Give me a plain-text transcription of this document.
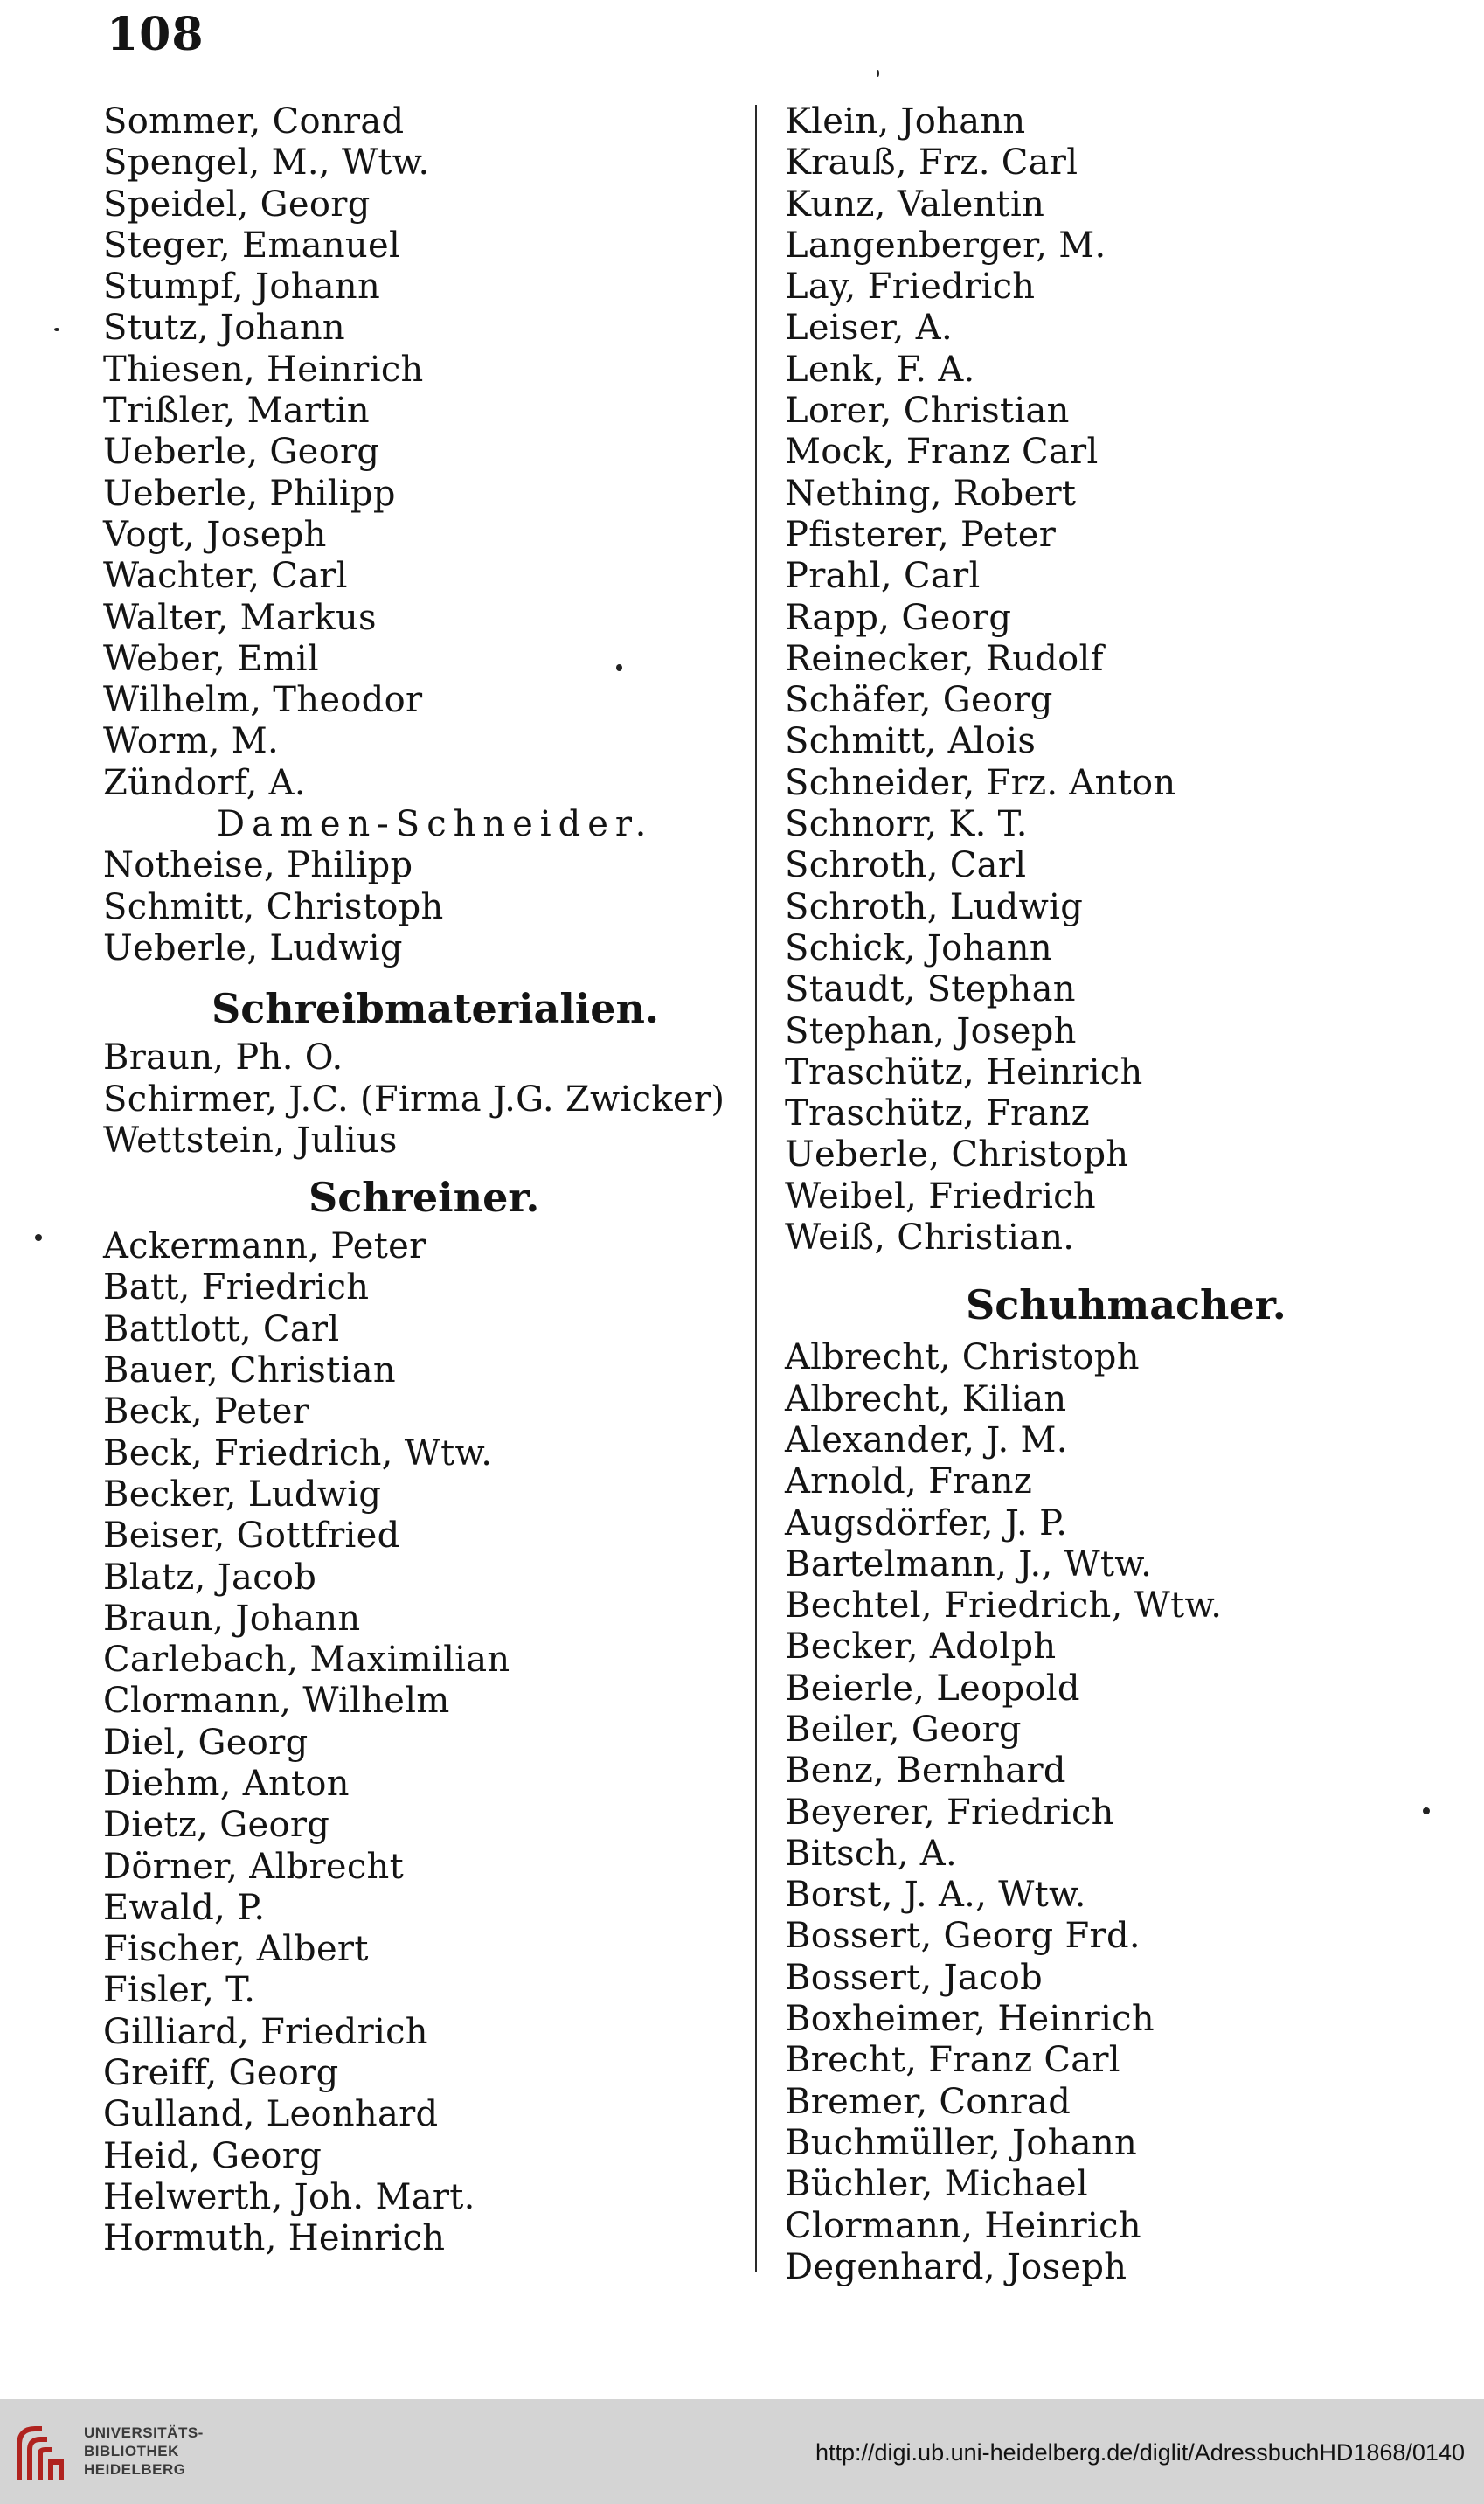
108
Sommer, Conrad
Spengel, M., Wtw.
Speidel, Georg
Steger, Emanuel
Stumpf, Johann
Stutz, Johann
Thiesen, Heinrich
Trißler, Martin
Ueberle, Georg
Ueberle, Philipp
Vogt, Joseph
Wachter, Carl
Walter, Markus
Weber, Emil
Wilhelm, Theodor
Worm, M.
Zündorf, A.
Damen-Schneider.
Notheise, Philipp
Schmitt, Christoph
Ueberle, Ludwig
Schreibmaterialien.
Braun, Ph. O.
Schirmer, J.C. (Firma J.G. Zwicker)
Wettstein, Julius
Schreiner.
Ackermann, Peter
Batt, Friedrich
Battlott, Carl
Bauer, Christian
Beck, Peter
Beck, Friedrich, Wtw.
Becker, Ludwig
Beiser, Gottfried
Blatz, Jacob
Braun, Johann
Carlebach, Maximilian
Clormann, Wilhelm
Diel, Georg
Diehm, Anton
Dietz, Georg
Dörner, Albrecht
Ewald, P.
Fischer, Albert
Fisler, T.
Gilliard, Friedrich
Greiff, Georg
Gulland, Leonhard
Heid, Georg
Helwerth, Joh. Mart.
Hormuth, Heinrich
Klein, Johann
Krauß, Frz. Carl
Kunz, Valentin
Langenberger, M.
Lay, Friedrich
Leiser, A.
Lenk, F. A.
Lorer, Christian
Mock, Franz Carl
Nething, Robert
Pfisterer, Peter
Prahl, Carl
Rapp, Georg
Reinecker, Rudolf
Schäfer, Georg
Schmitt, Alois
Schneider, Frz. Anton
Schnorr, K. T.
Schroth, Carl
Schroth, Ludwig
Schick, Johann
Staudt, Stephan
Stephan, Joseph
Traschütz, Heinrich
Traschütz, Franz
Ueberle, Christoph
Weibel, Friedrich
Weiß, Christian.
Schuhmacher.
Albrecht, Christoph
Albrecht, Kilian
Alexander, J. M.
Arnold, Franz
Augsdörfer, J. P.
Bartelmann, J., Wtw.
Bechtel, Friedrich, Wtw.
Becker, Adolph
Beierle, Leopold
Beiler, Georg
Benz, Bernhard
Beyerer, Friedrich
Bitsch, A.
Borst, J. A., Wtw.
Bossert, Georg Frd.
Bossert, Jacob
Boxheimer, Heinrich
Brecht, Franz Carl
Bremer, Conrad
Buchmüller, Johann
Büchler, Michael
Clormann, Heinrich
Degenhard, Joseph
UNIVERSITÄTS-
BIBLIOTHEK
HEIDELBERG
http://digi.ub.uni-heidelberg.de/diglit/AdressbuchHD1868/0140
